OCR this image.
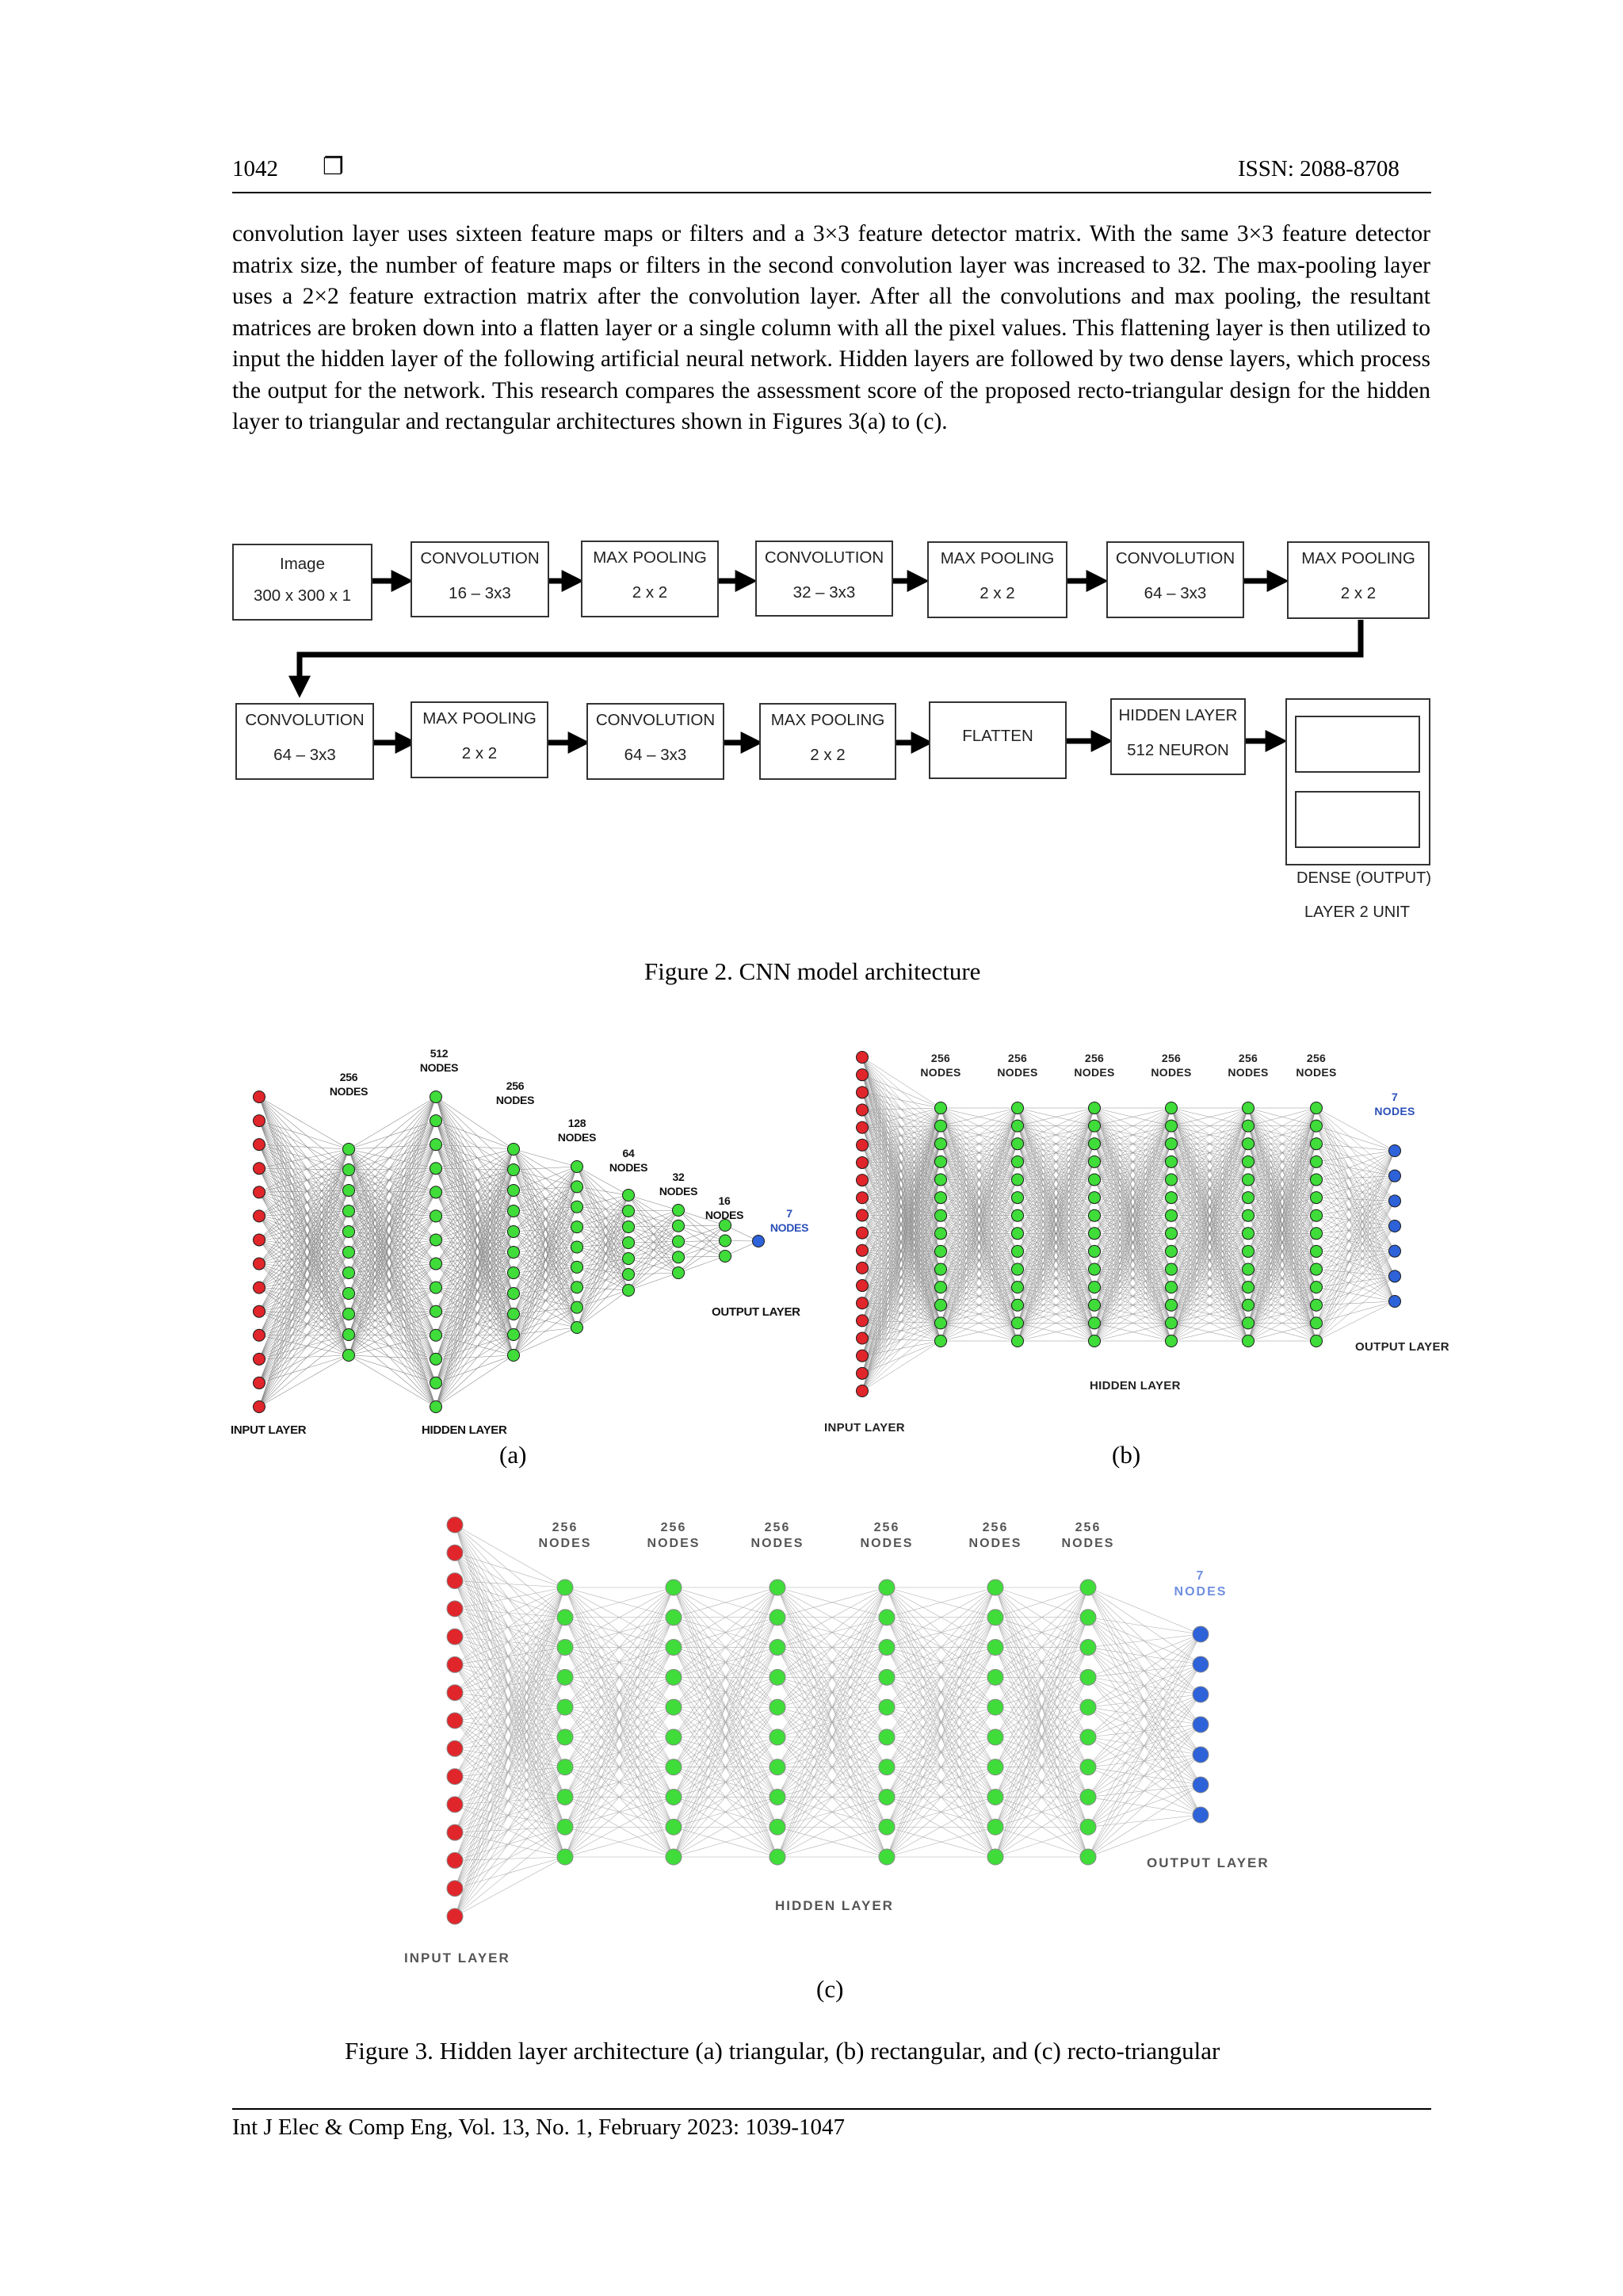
1042 ❐	ISSN: 2088-8708
convolution layer uses sixteen feature maps or filters and a 3×3 feature detector matrix. With the same 3×3 feature detector matrix size, the number of feature maps or filters in the second convolution layer was increased to 32. The max-pooling layer uses a 2×2 feature extraction matrix after the convolution layer. After all the convolutions and max pooling, the resultant matrices are broken down into a flatten layer or a single column with all the pixel values. This flattening layer is then utilized to input the hidden layer of the following artificial neural network. Hidden layers are followed by two dense layers, which process the output for the network. This research compares the assessment score of the proposed recto-triangular design for the hidden layer to triangular and rectangular architectures shown in Figures 3(a) to (c).
Image
300 x 300 x 1
CONVOLUTION
16 – 3x3
MAX POOLING
2 x 2
CONVOLUTION
32 – 3x3
MAX POOLING
2 x 2
CONVOLUTION
64 – 3x3
MAX POOLING
2 x 2
CONVOLUTION
64 – 3x3
MAX POOLING
2 x 2
CONVOLUTION
64 – 3x3
MAX POOLING
2 x 2
FLATTEN
HIDDEN LAYER
512 NEURON
DENSE (OUTPUT)
LAYER 2 UNIT
Figure 2. CNN model architecture
256
NODES
512
NODES
256
NODES
128
NODES
64
NODES
32
NODES
16
NODES	7
NODES
INPUT LAYER	HIDDEN LAYER
OUTPUT LAYER
256
NODES
256
NODES
256
NODES
256
NODES
256
NODES
256
NODES
7
NODES
INPUT LAYER
HIDDEN LAYER
OUTPUT LAYER
256
NODES
256
NODES
256
NODES
256
NODES
256
NODES
256
NODES
7
NODES
INPUT LAYER
HIDDEN LAYER
OUTPUT LAYER
(a)	(b)
(c)
Figure 3. Hidden layer architecture (a) triangular, (b) rectangular, and (c) recto-triangular
Int J Elec & Comp Eng, Vol. 13, No. 1, February 2023: 1039-1047
